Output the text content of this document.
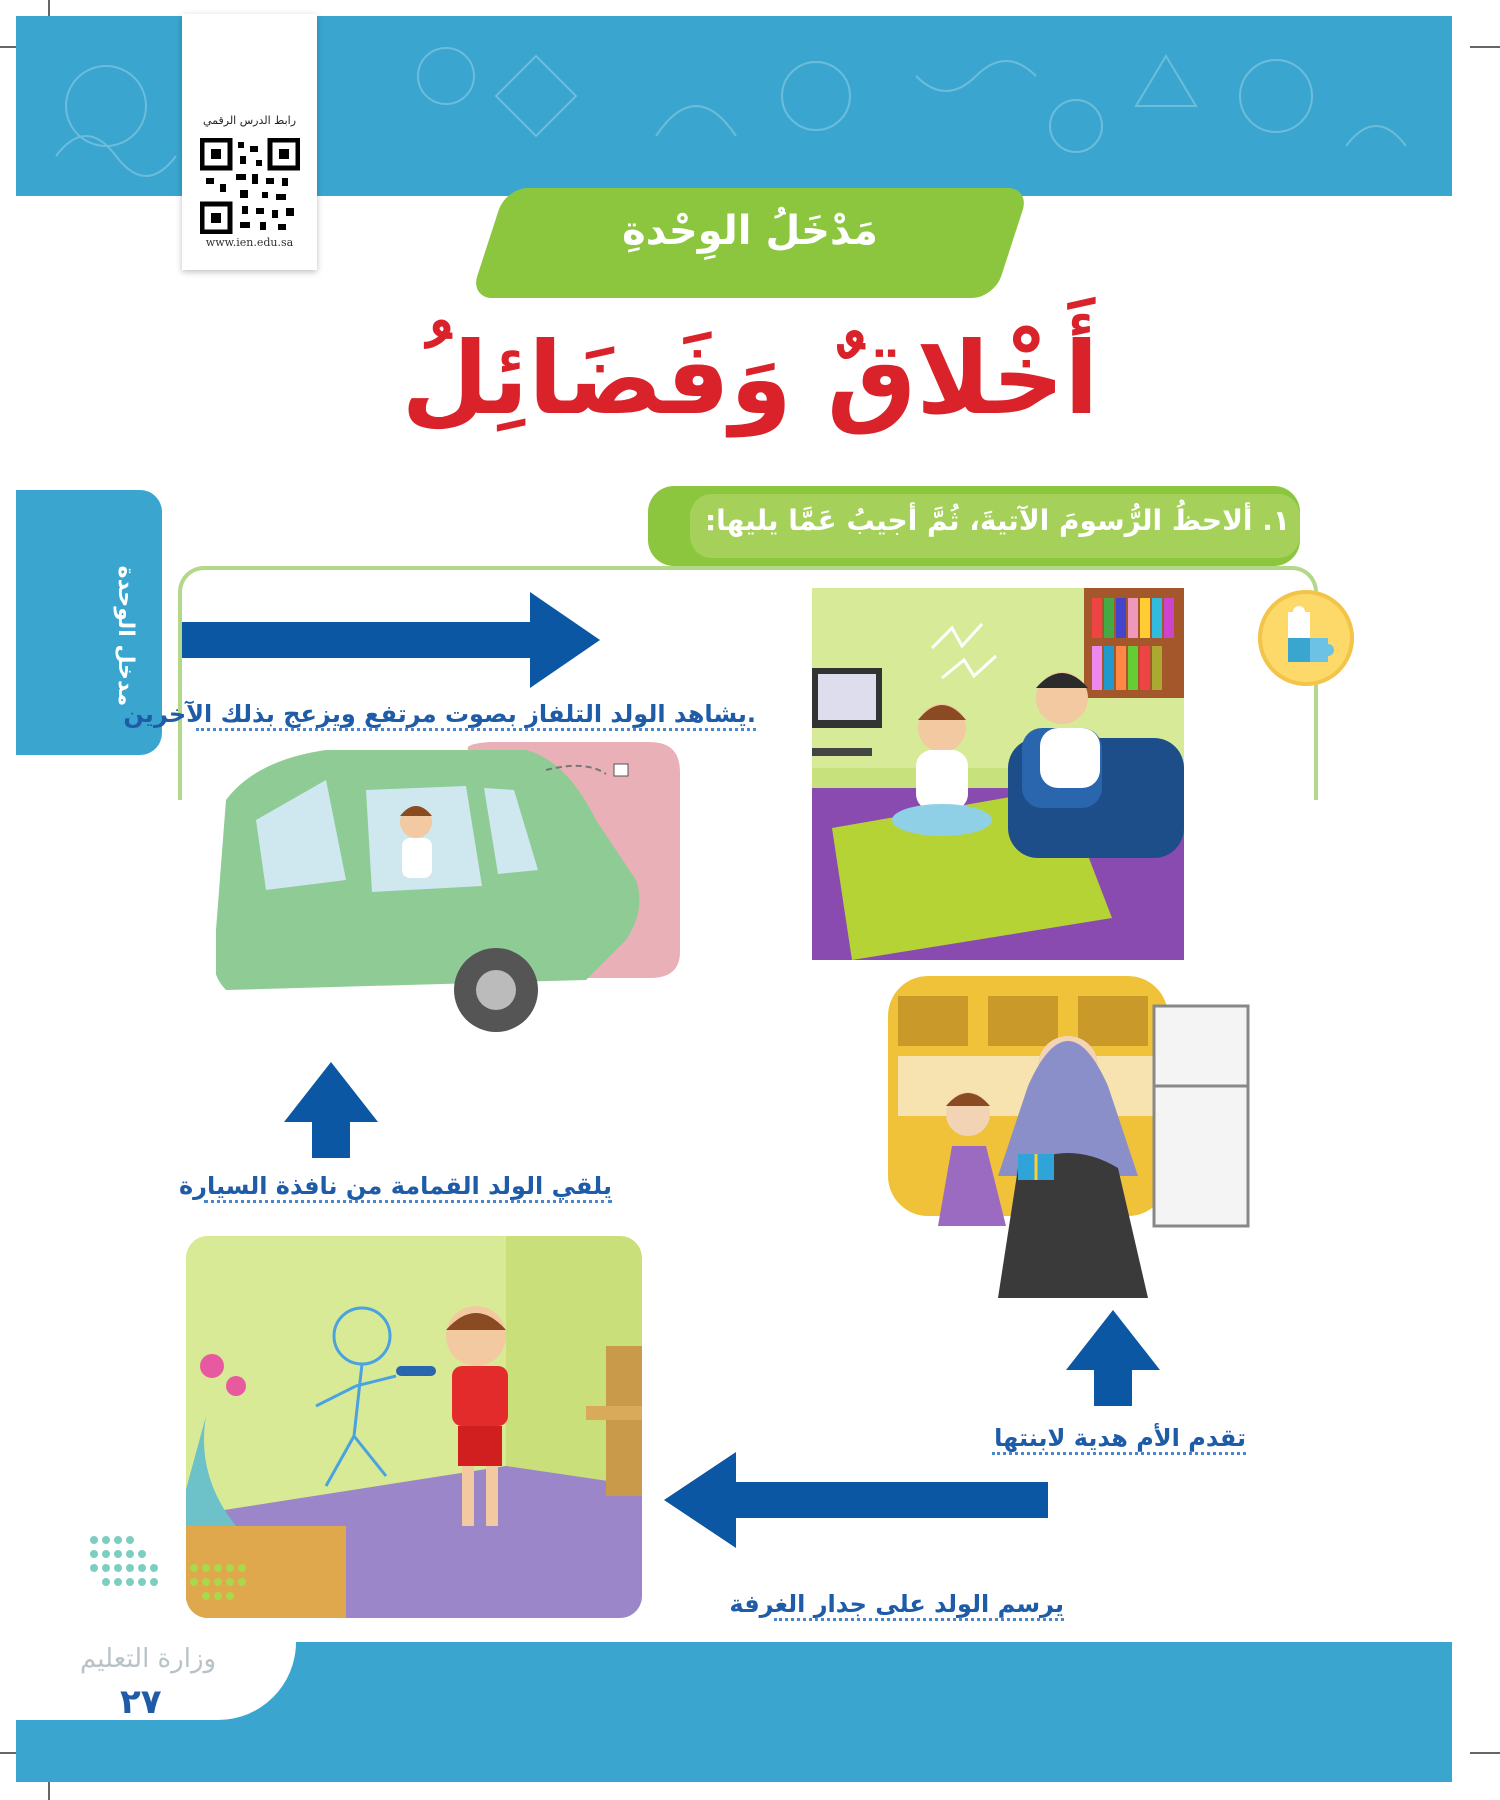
رابط الدرس الرقمي
www.ien.edu.sa	مَدْخَلُ الوِحْدةِ
أَخْلاقٌ وَفَضَائِلُ
مدخل الوحدة
١. ألاحظُ الرُّسومَ الآتيةَ، ثُمَّ أجيبُ عَمَّا يليها:
.يشاهد الولد التلفاز بصوت مرتفع ويزعج بذلك الآخرين
يلقي الولد القمامة من نافذة السيارة
تقدم الأم هدية لابنتها
يرسم الولد على جدار الغرفة
وزارة التعليم
٢٧
